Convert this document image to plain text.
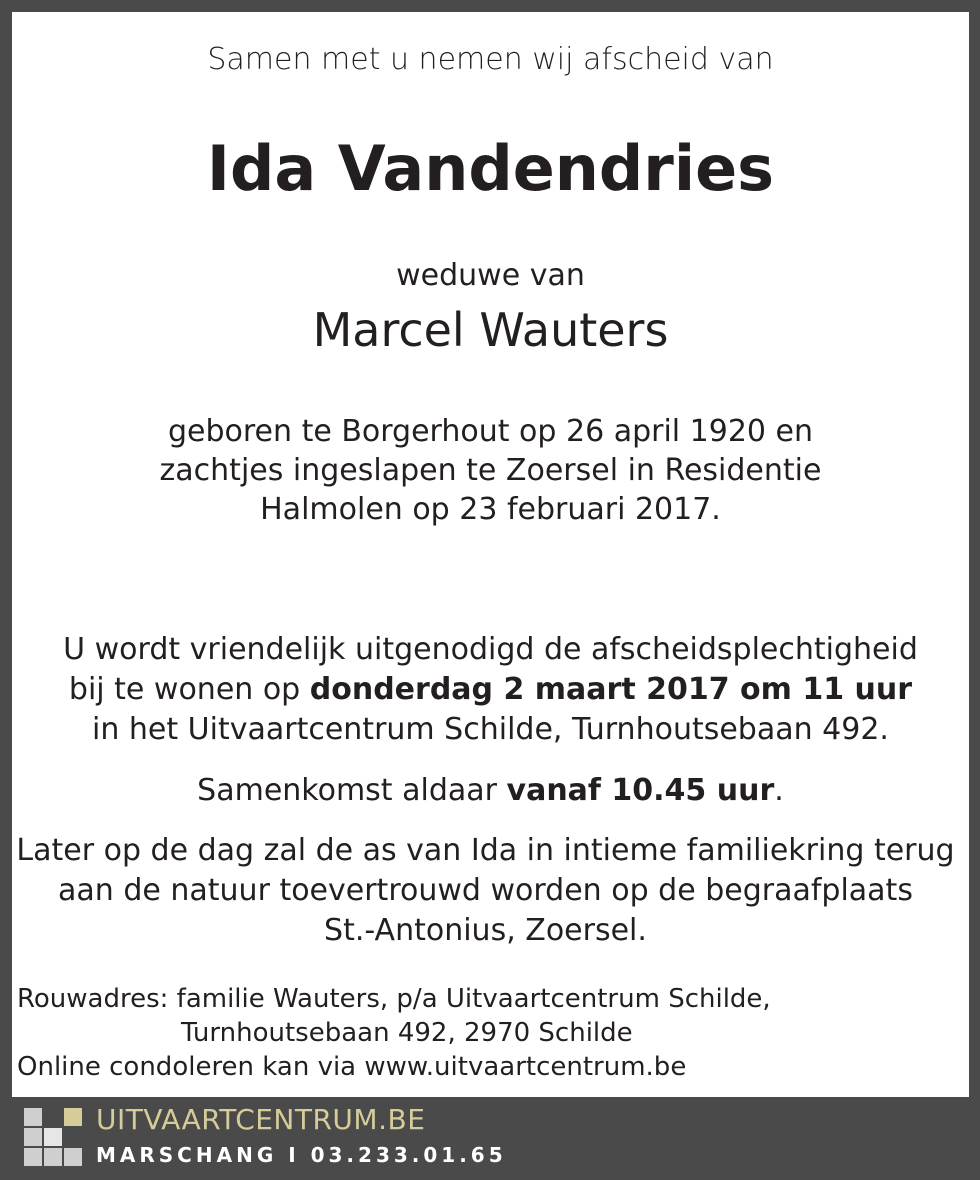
Samen met u nemen wij afscheid van
Ida Vandendries
weduwe van
Marcel Wauters
geboren te Borgerhout op 26 april 1920 en
zachtjes ingeslapen te Zoersel in Residentie
Halmolen op 23 februari 2017.
U wordt vriendelijk uitgenodigd de afscheidsplechtigheid
bij te wonen op donderdag 2 maart 2017 om 11 uur
in het Uitvaartcentrum Schilde, Turnhoutsebaan 492.
Samenkomst aldaar vanaf 10.45 uur.
Later op de dag zal de as van Ida in intieme familiekring terug
aan de natuur toevertrouwd worden op de begraafplaats
St.-Antonius, Zoersel.
Rouwadres: familie Wauters, p/a Uitvaartcentrum Schilde,
Turnhoutsebaan 492, 2970 Schilde
Online condoleren kan via www.uitvaartcentrum.be
UITVAARTCENTRUM.BE
MARSCHANG I 03.233.01.65
